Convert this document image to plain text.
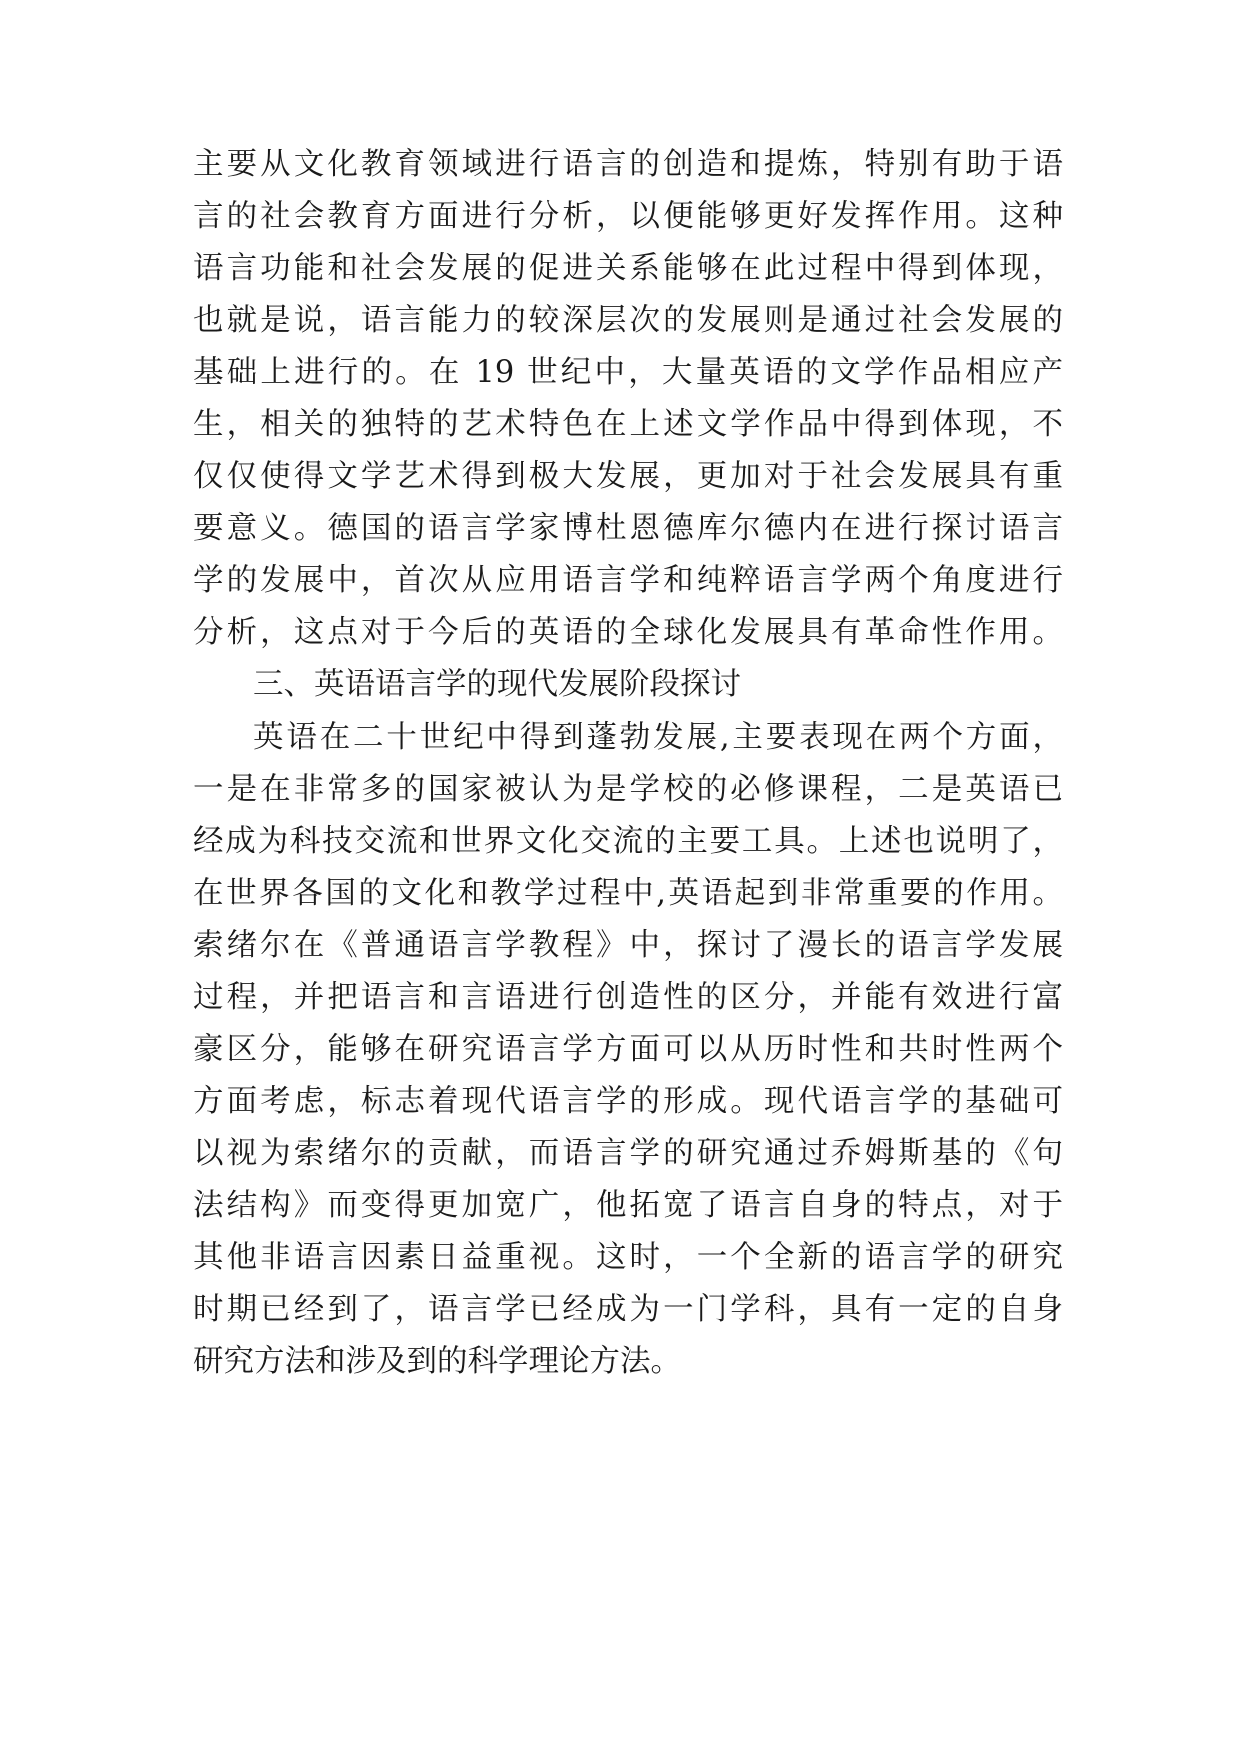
主要从文化教育领域进行语言的创造和提炼，特别有助于语
言的社会教育方面进行分析，以便能够更好发挥作用。这种
语言功能和社会发展的促进关系能够在此过程中得到体现，
也就是说，语言能力的较深层次的发展则是通过社会发展的
基础上进行的。在 19 世纪中，大量英语的文学作品相应产
生，相关的独特的艺术特色在上述文学作品中得到体现，不
仅仅使得文学艺术得到极大发展，更加对于社会发展具有重
要意义。德国的语言学家博杜恩德库尔德内在进行探讨语言
学的发展中，首次从应用语言学和纯粹语言学两个角度进行
分析，这点对于今后的英语的全球化发展具有革命性作用。
三、英语语言学的现代发展阶段探讨
英语在二十世纪中得到蓬勃发展,主要表现在两个方面，
一是在非常多的国家被认为是学校的必修课程，二是英语已
经成为科技交流和世界文化交流的主要工具。上述也说明了，
在世界各国的文化和教学过程中,英语起到非常重要的作用。
索绪尔在《普通语言学教程》中，探讨了漫长的语言学发展
过程，并把语言和言语进行创造性的区分，并能有效进行富
豪区分，能够在研究语言学方面可以从历时性和共时性两个
方面考虑，标志着现代语言学的形成。现代语言学的基础可
以视为索绪尔的贡献，而语言学的研究通过乔姆斯基的《句
法结构》而变得更加宽广，他拓宽了语言自身的特点，对于
其他非语言因素日益重视。这时，一个全新的语言学的研究
时期已经到了，语言学已经成为一门学科，具有一定的自身
研究方法和涉及到的科学理论方法。
